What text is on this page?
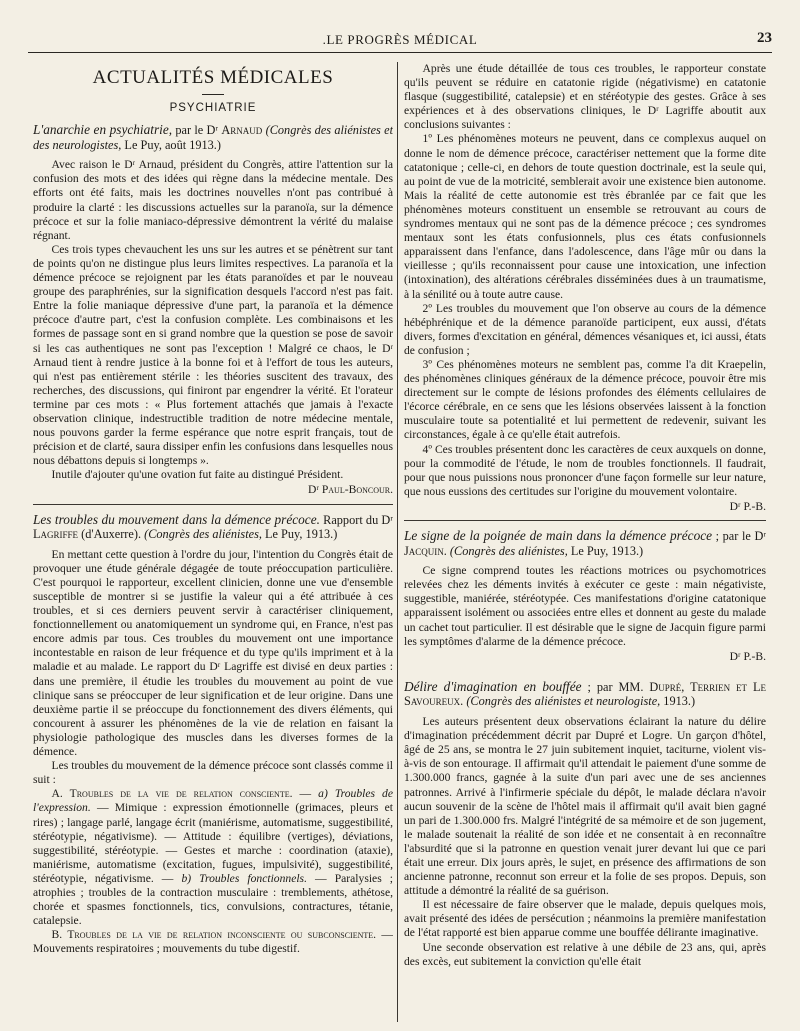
.LE PROGRÈS MÉDICAL	23
ACTUALITÉS MÉDICALES
PSYCHIATRIE
L'anarchie en psychiatrie, par le Dʳ Arnaud (Congrès des aliénistes et des neurologistes, Le Puy, août 1913.)

Avec raison le Dʳ Arnaud, président du Congrès, attire l'attention sur la confusion des mots et des idées qui règne dans la médecine mentale. Des efforts ont été faits, mais les doctrines nouvelles n'ont pas contribué à produire la clarté : les discussions actuelles sur la paranoïa, sur la démence précoce et sur la folie maniaco-dépressive démontrent la vérité du malaise régnant.

Ces trois types chevauchent les uns sur les autres et se pénètrent sur tant de points qu'on ne distingue plus leurs limites respectives. La paranoïa et la démence précoce se rejoignent par les états paranoïdes et par le nouveau groupe des paraphrénies, sur la signification desquels l'accord n'est pas fait. Entre la folie maniaque dépressive d'une part, la paranoïa et la démence précoce d'autre part, c'est la confusion complète. Les combinaisons et les formes de passage sont en si grand nombre que la question se pose de savoir si les cas authentiques ne sont pas l'exception ! Malgré ce chaos, le Dʳ Arnaud tient à rendre justice à la bonne foi et à l'effort de tous les auteurs, qui n'est pas entièrement stérile : les théories suscitent des travaux, des recherches, des discussions, qui finiront par engendrer la vérité. Et l'orateur termine par ces mots : « Plus fortement attachés que jamais à l'exacte observation clinique, indestructible tradition de notre médecine mentale, nous pouvons garder la ferme espérance que notre esprit français, tout de précision et de clarté, saura dissiper enfin les confusions dans lesquelles nous nous débattons depuis si longtemps ».

Inutile d'ajouter qu'une ovation fut faite au distingué Président.

Dʳ Paul-Boncour.

Les troubles du mouvement dans la démence précoce. Rapport du Dʳ Lagriffe (d'Auxerre). (Congrès des aliénistes, Le Puy, 1913.)

En mettant cette question à l'ordre du jour, l'intention du Congrès était de provoquer une étude générale dégagée de toute préoccupation particulière. C'est pourquoi le rapporteur, excellent clinicien, donne une vue d'ensemble susceptible de montrer si se justifie la valeur qui a été attribuée à ces troubles, et si ces derniers peuvent servir à caractériser cliniquement, fonctionnellement ou anatomiquement un syndrome qui, en France, n'est pas encore admis par tous. Ces troubles du mouvement ont une importance incontestable en raison de leur fréquence et du type qu'ils impriment et à la maladie et au malade. Le rapport du Dʳ Lagriffe est divisé en deux parties : dans une première, il étudie les troubles du mouvement au point de vue clinique sans se préoccuper de leur signification et de leur origine. Dans une deuxième partie il se préoccupe du fonctionnement des divers éléments, qui concourent à assurer les phénomènes de la vie de relation en faisant la physiologie pathologique des muscles dans les diverses formes de la démence.

Les troubles du mouvement de la démence précoce sont classés comme il suit :

A. Troubles de la vie de relation consciente. — a) Troubles de l'expression. — Mimique : expression émotionnelle (grimaces, pleurs et rires) ; langage parlé, langage écrit (maniérisme, automatisme, suggestibilité, stéréotypie, négativisme). — Attitude : équilibre (vertiges), déviations, suggestibilité, stéréotypie. — Gestes et marche : coordination (ataxie), maniérisme, automatisme (excitation, fugues, impulsivité), suggestibilité, stéréotypie, négativisme. — b) Troubles fonctionnels. — Paralysies ; atrophies ; troubles de la contraction musculaire : tremblements, athétose, chorée et spasmes fonctionnels, tics, convulsions, contractures, tétanie, catalepsie.

B. Troubles de la vie de relation inconsciente ou subconsciente. — Mouvements respiratoires ; mouvements du tube digestif.

Après une étude détaillée de tous ces troubles, le rapporteur constate qu'ils peuvent se réduire en catatonie rigide (négativisme) en catatonie flasque (suggestibilité, catalepsie) et en stéréotypie des gestes. Grâce à ses expériences et à des observations cliniques, le Dʳ Lagriffe aboutit aux conclusions suivantes :

1º Les phénomènes moteurs ne peuvent, dans ce complexus auquel on donne le nom de démence précoce, caractériser nettement que la forme dite catatonique ; celle-ci, en dehors de toute question doctrinale, est la seule qui, au point de vue de la motricité, semblerait avoir une existence bien autonome. Mais la réalité de cette autonomie est très ébranlée par ce fait que les phénomènes moteurs constituent un ensemble se retrouvant au cours de syndromes mentaux qui ne sont pas de la démence précoce ; ces syndromes mentaux sont les états confusionnels, plus ces états confusionnels apparaissent dans l'enfance, dans l'adolescence, dans l'âge mûr ou dans la vieillesse ; qu'ils reconnaissent pour cause une intoxication, une infection (intoxination), des altérations cérébrales disséminées dues à un traumatisme, à la sénilité ou à toute autre cause.

2º Les troubles du mouvement que l'on observe au cours de la démence hébéphrénique et de la démence paranoïde participent, eux aussi, d'états divers, formes d'excitation en général, démences vésaniques et, ici aussi, états de confusion ;

3º Ces phénomènes moteurs ne semblent pas, comme l'a dit Kraepelin, des phénomènes cliniques généraux de la démence précoce, pouvoir être mis directement sur le compte de lésions profondes des éléments cellulaires de l'écorce cérébrale, en ce sens que les lésions observées laissent à la fonction musculaire toute sa potentialité et lui permettent de redevenir, suivant les circonstances, égale à ce qu'elle était autrefois.

4º Ces troubles présentent donc les caractères de ceux auxquels on donne, pour la commodité de l'étude, le nom de troubles fonctionnels. Il faudrait, pour que nous puissions nous prononcer d'une façon formelle sur leur nature, que nous eussions des certitudes sur l'origine du mouvement volontaire.

Dʳ P.-B.

Le signe de la poignée de main dans la démence précoce ; par le Dʳ Jacquin. (Congrès des aliénistes, Le Puy, 1913.)

Ce signe comprend toutes les réactions motrices ou psychomotrices relevées chez les déments invités à exécuter ce geste : main négativiste, suggestible, maniérée, stéréotypée. Ces manifestations d'origine catatonique apparaissent isolément ou associées entre elles et donnent au geste du malade un cachet tout particulier. Il est désirable que le signe de Jacquin figure parmi les symptômes d'alarme de la démence précoce.

Dʳ P.-B.

Délire d'imagination en bouffée ; par MM. Dupré, Terrien et Le Savoureux. (Congrès des aliénistes et neurologiste, 1913.)

Les auteurs présentent deux observations éclairant la nature du délire d'imagination précédemment décrit par Dupré et Logre. Un garçon d'hôtel, âgé de 25 ans, se montra le 27 juin subitement inquiet, taciturne, violent vis-à-vis de son entourage. Il affirmait qu'il attendait le paiement d'une somme de 1.300.000 francs, gagnée à la suite d'un pari avec une de ses anciennes patronnes. Arrivé à l'infirmerie spéciale du dépôt, le malade déclara n'avoir aucun souvenir de la scène de l'hôtel mais il affirmait qu'il avait bien gagné un pari de 1.300.000 frs. Malgré l'intégrité de sa mémoire et de son jugement, le malade soutenait la réalité de son idée et ne consentait à en reconnaître l'absurdité que si la patronne en question venait jurer devant lui que ce pari était une erreur. Dix jours après, le sujet, en présence des affirmations de son ancienne patronne, reconnut son erreur et la folie de ses propos. Depuis, son attitude a démontré la réalité de sa guérison.

Il est nécessaire de faire observer que le malade, depuis quelques mois, avait présenté des idées de persécution ; néanmoins la première manifestation de l'état rapporté est bien apparue comme une bouffée délirante imaginative.

Une seconde observation est relative à une débile de 23 ans, qui, après des excès, eut subitement la conviction qu'elle était
